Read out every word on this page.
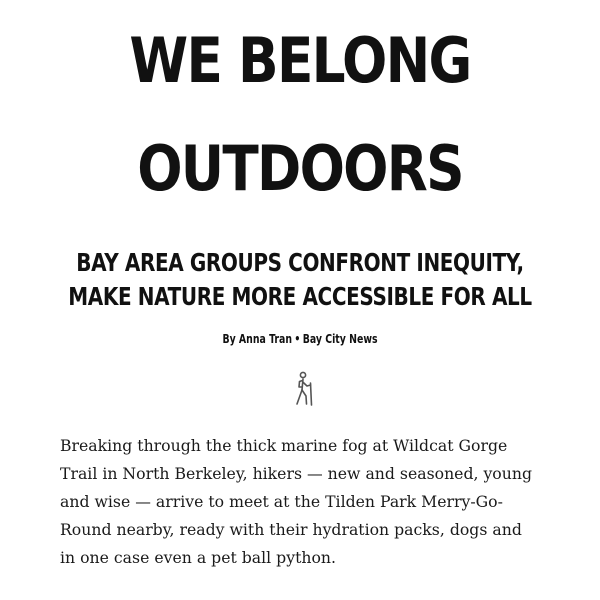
WE BELONG
OUTDOORS
BAY AREA GROUPS CONFRONT INEQUITY,
MAKE NATURE MORE ACCESSIBLE FOR ALL
By Anna Tran • Bay City News
Breaking through the thick marine fog at Wildcat Gorge
Trail in North Berkeley, hikers — new and seasoned, young
and wise — arrive to meet at the Tilden Park Merry-Go-
Round nearby, ready with their hydration packs, dogs and
in one case even a pet ball python.
